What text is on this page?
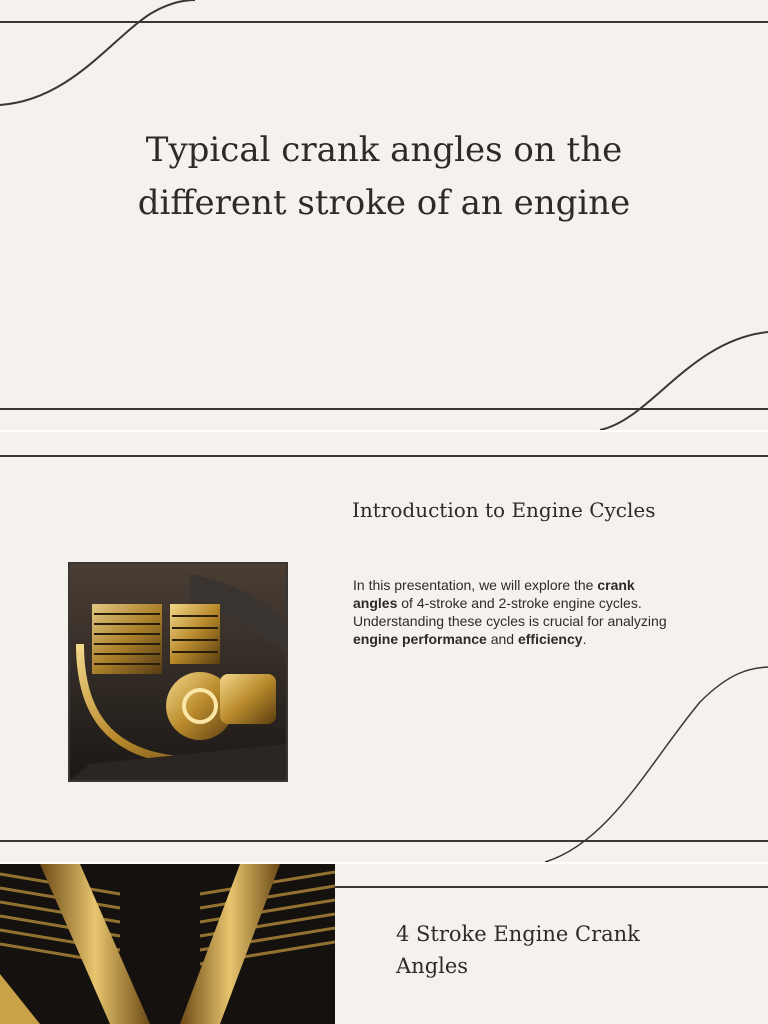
Typical crank angles on the
different stroke of an engine
Introduction to Engine Cycles

In this presentation, we will explore the crank angles of 4-stroke and 2-stroke engine cycles. Understanding these cycles is crucial for analyzing engine performance and efficiency.

4 Stroke Engine Crank Angles
